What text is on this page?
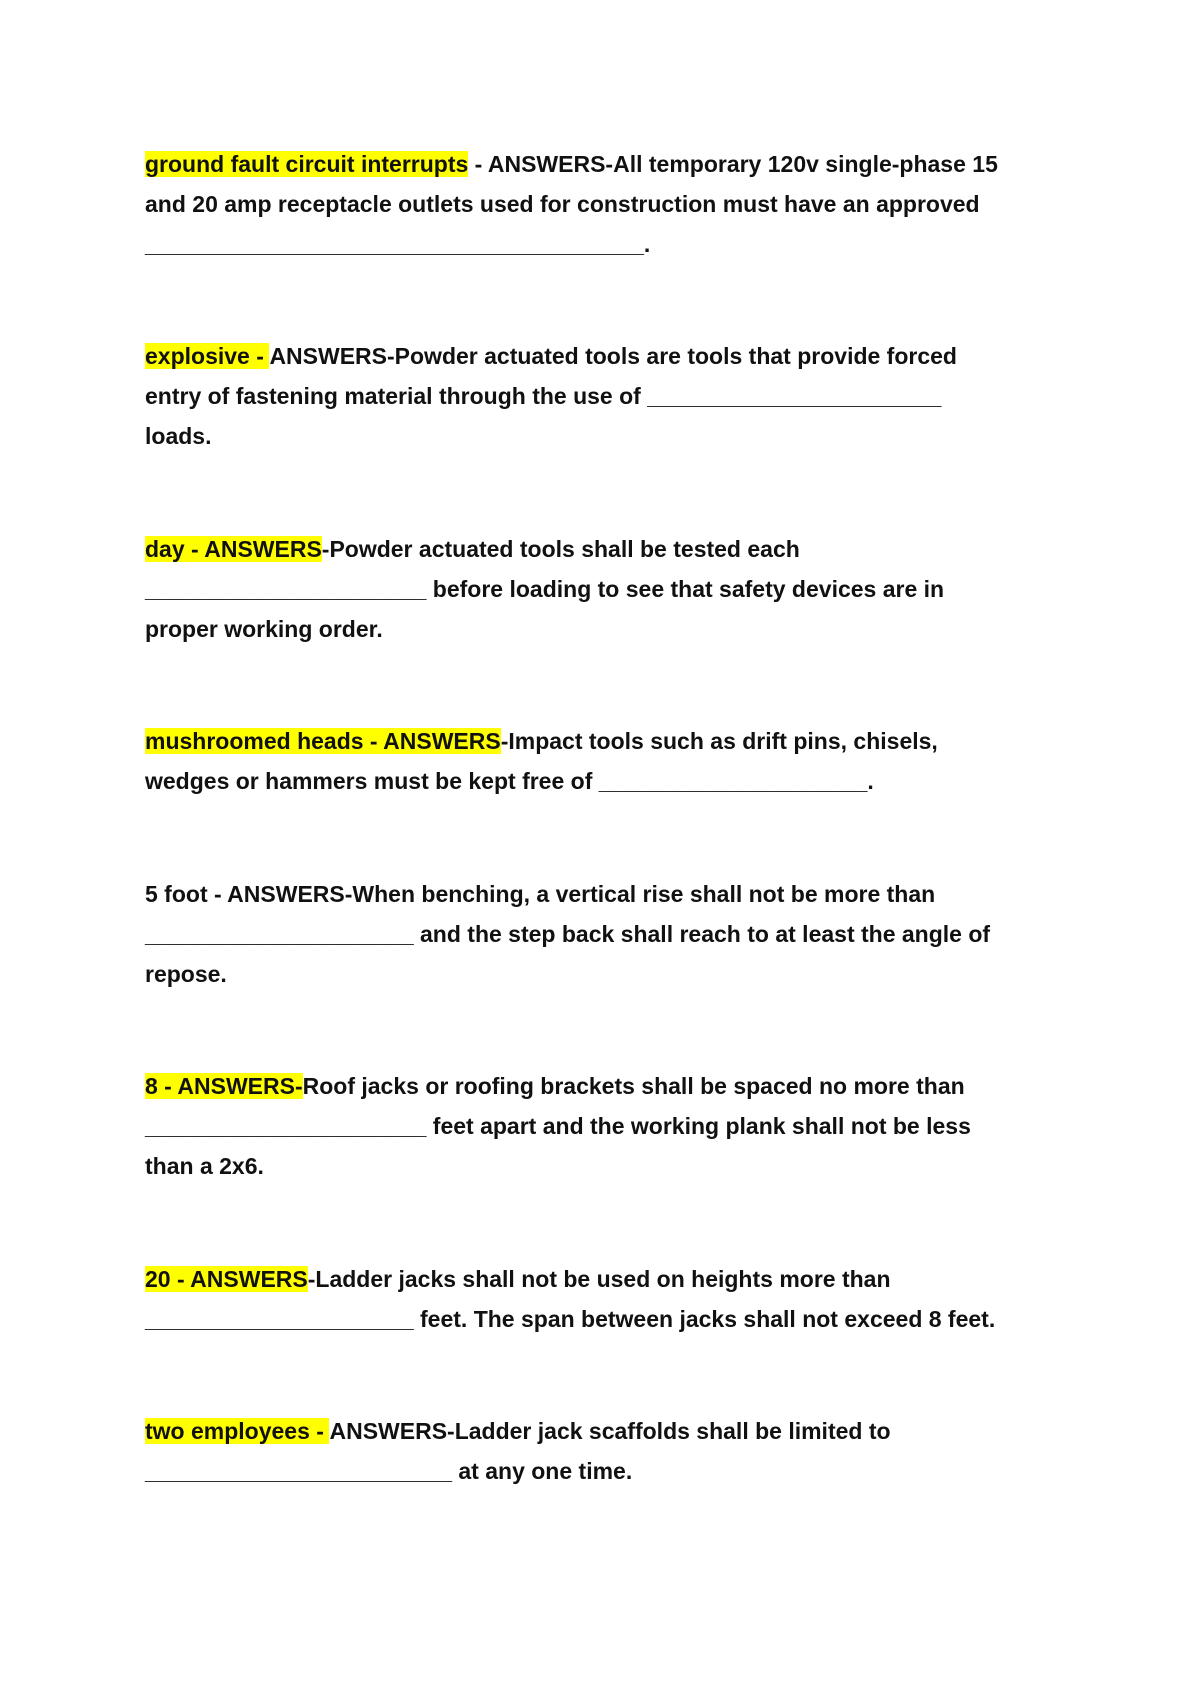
ground fault circuit interrupts - ANSWERS-All temporary 120v single-phase 15

and 20 amp receptacle outlets used for construction must have an approved

_______________________________________.

explosive - ANSWERS-Powder actuated tools are tools that provide forced

entry of fastening material through the use of _______________________

loads.

day - ANSWERS-Powder actuated tools shall be tested each

______________________ before loading to see that safety devices are in

proper working order.

mushroomed heads - ANSWERS-Impact tools such as drift pins, chisels,

wedges or hammers must be kept free of _____________________.

5 foot - ANSWERS-When benching, a vertical rise shall not be more than

_____________________ and the step back shall reach to at least the angle of

repose.

8 - ANSWERS-Roof jacks or roofing brackets shall be spaced no more than

______________________ feet apart and the working plank shall not be less

than a 2x6.

20 - ANSWERS-Ladder jacks shall not be used on heights more than

_____________________ feet. The span between jacks shall not exceed 8 feet.

two employees - ANSWERS-Ladder jack scaffolds shall be limited to

________________________ at any one time.
